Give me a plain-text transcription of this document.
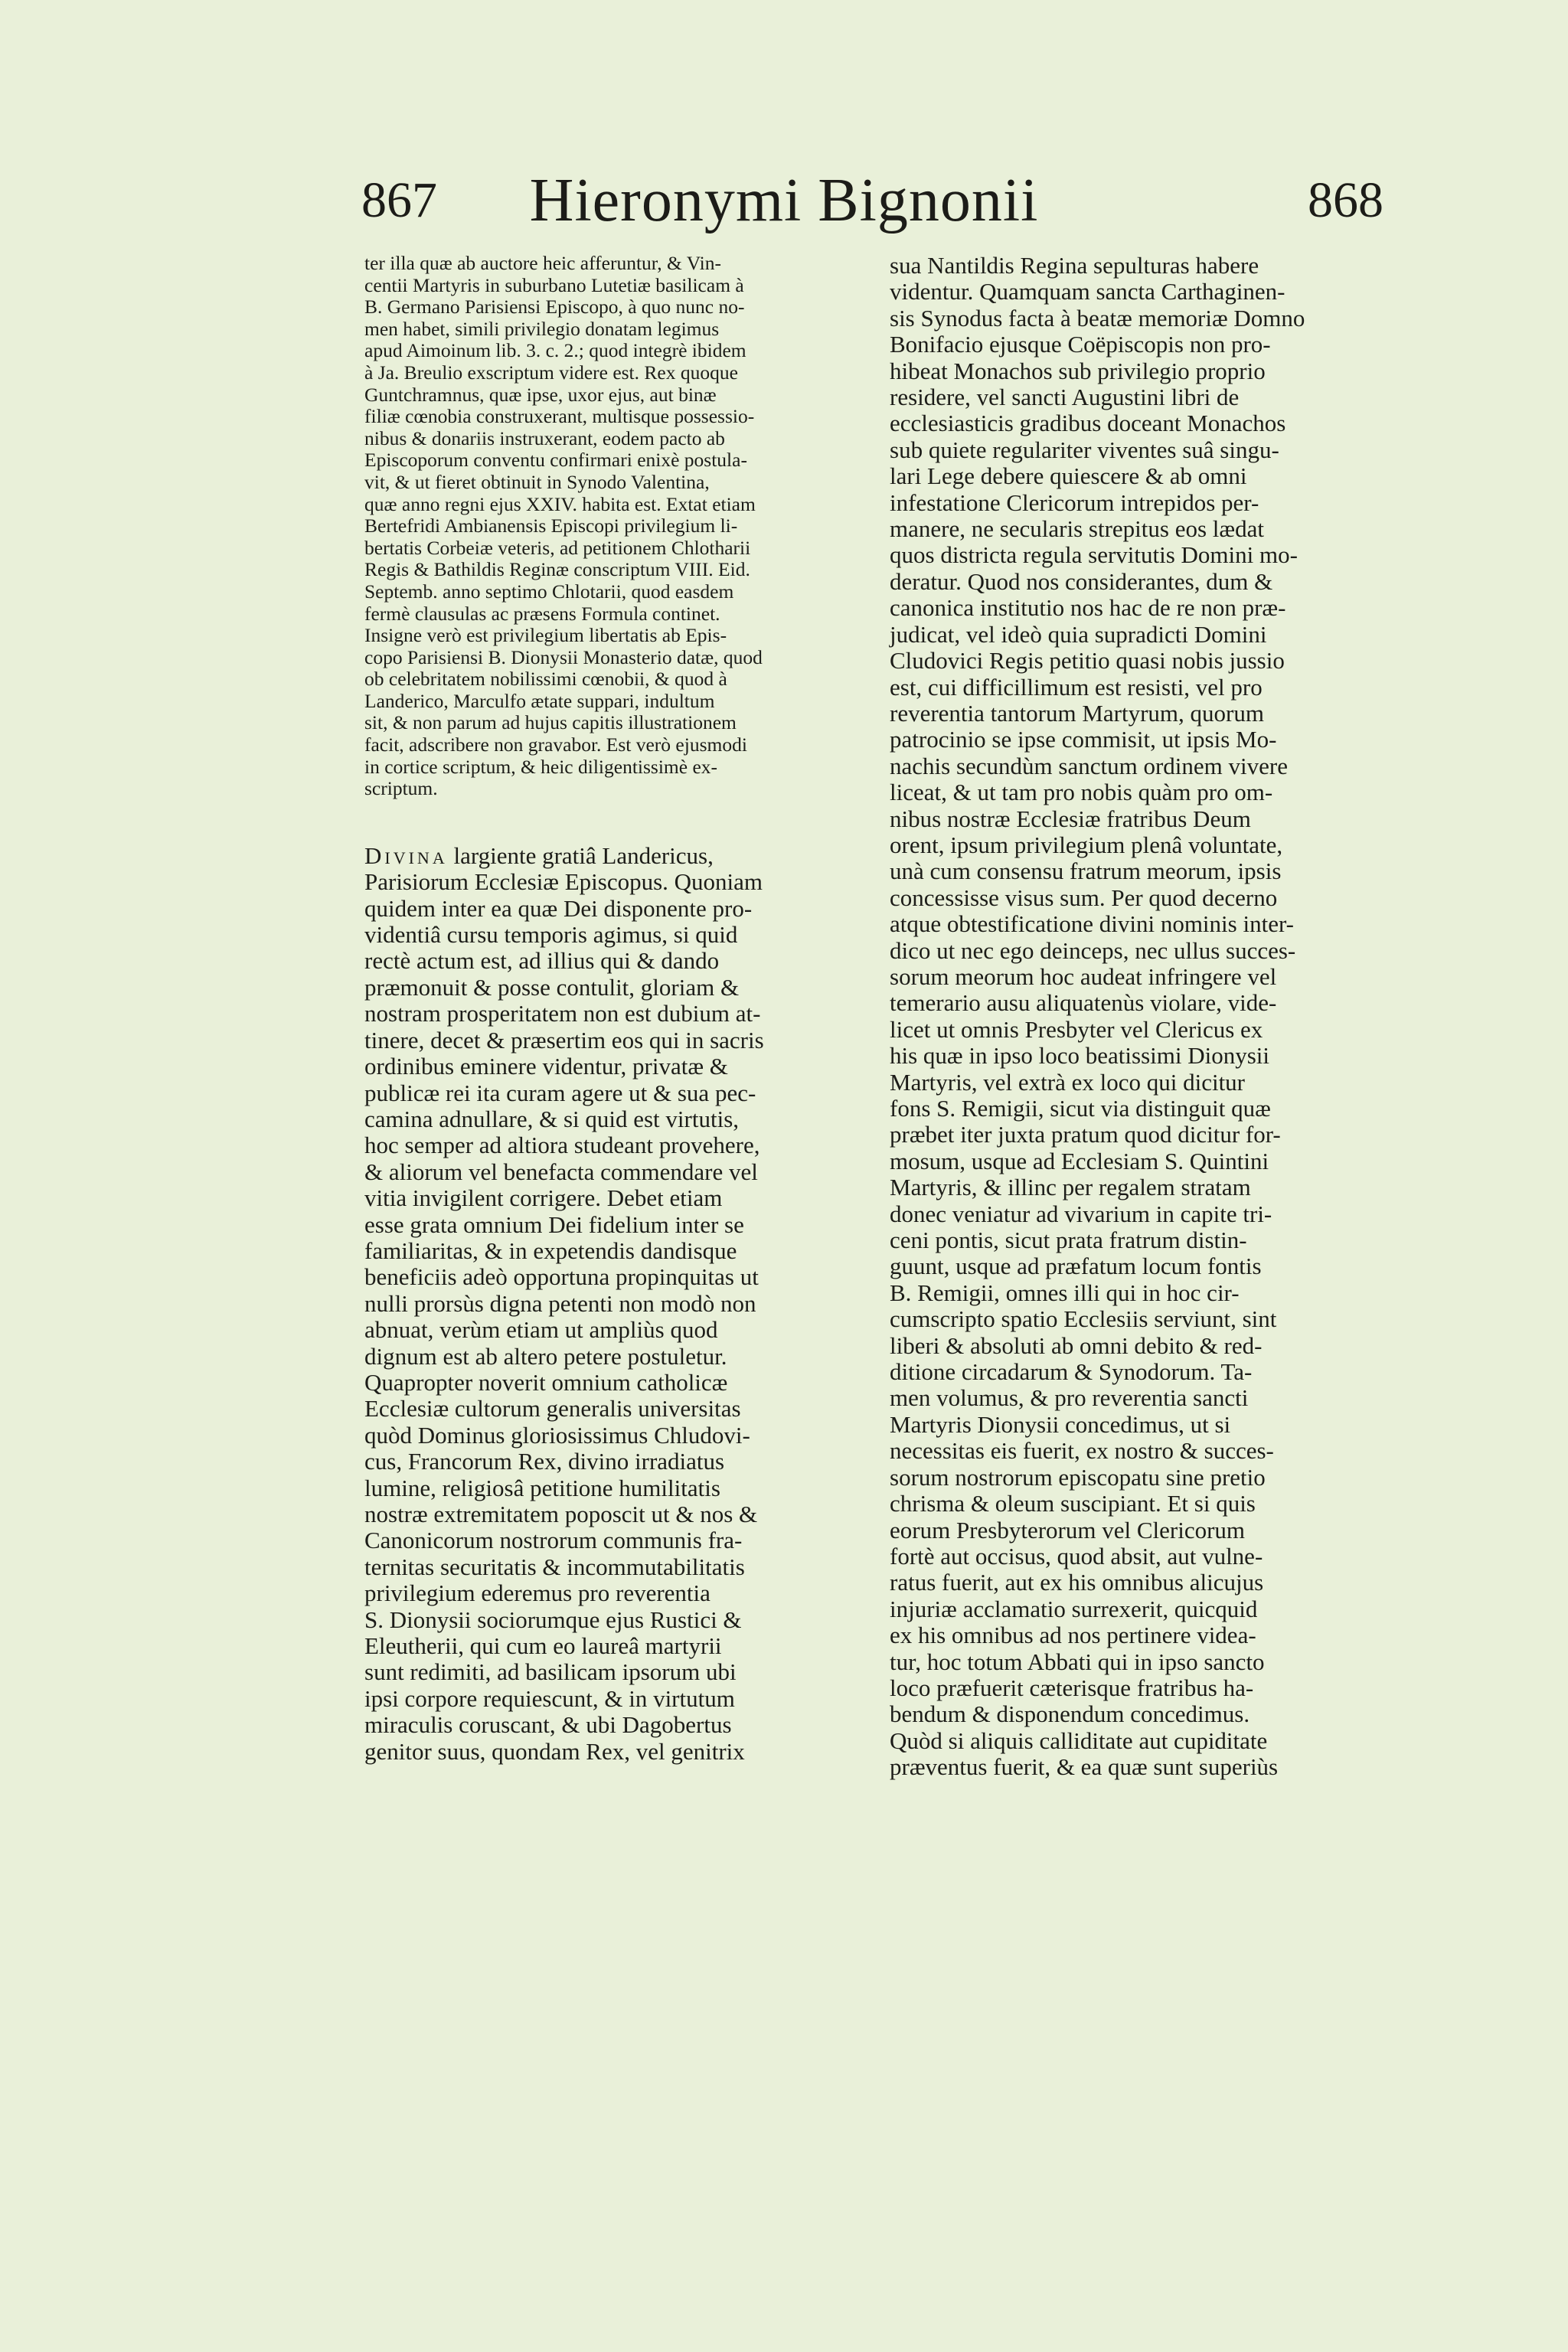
867	Hieronymi Bignonii	868
ter illa quæ ab auctore heic afferuntur, & Vin-
centii Martyris in suburbano Lutetiæ basilicam à
B. Germano Parisiensi Episcopo, à quo nunc no-
men habet, simili privilegio donatam legimus
apud Aimoinum lib. 3. c. 2.; quod integrè ibidem
à Ja. Breulio exscriptum videre est. Rex quoque
Guntchramnus, quæ ipse, uxor ejus, aut binæ
filiæ cœnobia construxerant, multisque possessio-
nibus & donariis instruxerant, eodem pacto ab
Episcoporum conventu confirmari enixè postula-
vit, & ut fieret obtinuit in Synodo Valentina,
quæ anno regni ejus XXIV. habita est. Extat etiam
Bertefridi Ambianensis Episcopi privilegium li-
bertatis Corbeiæ veteris, ad petitionem Chlotharii
Regis & Bathildis Reginæ conscriptum VIII. Eid.
Septemb. anno septimo Chlotarii, quod easdem
fermè clausulas ac præsens Formula continet.
Insigne verò est privilegium libertatis ab Epis-
copo Parisiensi B. Dionysii Monasterio datæ, quod
ob celebritatem nobilissimi cœnobii, & quod à
Landerico, Marculfo ætate suppari, indultum
sit, & non parum ad hujus capitis illustrationem
facit, adscribere non gravabor. Est verò ejusmodi
in cortice scriptum, & heic diligentissimè ex-
scriptum.
Divina largiente gratiâ Landericus,
Parisiorum Ecclesiæ Episcopus. Quoniam
quidem inter ea quæ Dei disponente pro-
videntiâ cursu temporis agimus, si quid
rectè actum est, ad illius qui & dando
præmonuit & posse contulit, gloriam &
nostram prosperitatem non est dubium at-
tinere, decet & præsertim eos qui in sacris
ordinibus eminere videntur, privatæ &
publicæ rei ita curam agere ut & sua pec-
camina adnullare, & si quid est virtutis,
hoc semper ad altiora studeant provehere,
& aliorum vel benefacta commendare vel
vitia invigilent corrigere. Debet etiam
esse grata omnium Dei fidelium inter se
familiaritas, & in expetendis dandisque
beneficiis adeò opportuna propinquitas ut
nulli prorsùs digna petenti non modò non
abnuat, verùm etiam ut ampliùs quod
dignum est ab altero petere postuletur.
Quapropter noverit omnium catholicæ
Ecclesiæ cultorum generalis universitas
quòd Dominus gloriosissimus Chludovi-
cus, Francorum Rex, divino irradiatus
lumine, religiosâ petitione humilitatis
nostræ extremitatem poposcit ut & nos &
Canonicorum nostrorum communis fra-
ternitas securitatis & incommutabilitatis
privilegium ederemus pro reverentia
S. Dionysii sociorumque ejus Rustici &
Eleutherii, qui cum eo laureâ martyrii
sunt redimiti, ad basilicam ipsorum ubi
ipsi corpore requiescunt, & in virtutum
miraculis coruscant, & ubi Dagobertus
genitor suus, quondam Rex, vel genitrix
sua Nantildis Regina sepulturas habere
videntur. Quamquam sancta Carthaginen-
sis Synodus facta à beatæ memoriæ Domno
Bonifacio ejusque Coëpiscopis non pro-
hibeat Monachos sub privilegio proprio
residere, vel sancti Augustini libri de
ecclesiasticis gradibus doceant Monachos
sub quiete regulariter viventes suâ singu-
lari Lege debere quiescere & ab omni
infestatione Clericorum intrepidos per-
manere, ne secularis strepitus eos lædat
quos districta regula servitutis Domini mo-
deratur. Quod nos considerantes, dum &
canonica institutio nos hac de re non præ-
judicat, vel ideò quia supradicti Domini
Cludovici Regis petitio quasi nobis jussio
est, cui difficillimum est resisti, vel pro
reverentia tantorum Martyrum, quorum
patrocinio se ipse commisit, ut ipsis Mo-
nachis secundùm sanctum ordinem vivere
liceat, & ut tam pro nobis quàm pro om-
nibus nostræ Ecclesiæ fratribus Deum
orent, ipsum privilegium plenâ voluntate,
unà cum consensu fratrum meorum, ipsis
concessisse visus sum. Per quod decerno
atque obtestificatione divini nominis inter-
dico ut nec ego deinceps, nec ullus succes-
sorum meorum hoc audeat infringere vel
temerario ausu aliquatenùs violare, vide-
licet ut omnis Presbyter vel Clericus ex
his quæ in ipso loco beatissimi Dionysii
Martyris, vel extrà ex loco qui dicitur
fons S. Remigii, sicut via distinguit quæ
præbet iter juxta pratum quod dicitur for-
mosum, usque ad Ecclesiam S. Quintini
Martyris, & illinc per regalem stratam
donec veniatur ad vivarium in capite tri-
ceni pontis, sicut prata fratrum distin-
guunt, usque ad præfatum locum fontis
B. Remigii, omnes illi qui in hoc cir-
cumscripto spatio Ecclesiis serviunt, sint
liberi & absoluti ab omni debito & red-
ditione circadarum & Synodorum. Ta-
men volumus, & pro reverentia sancti
Martyris Dionysii concedimus, ut si
necessitas eis fuerit, ex nostro & succes-
sorum nostrorum episcopatu sine pretio
chrisma & oleum suscipiant. Et si quis
eorum Presbyterorum vel Clericorum
fortè aut occisus, quod absit, aut vulne-
ratus fuerit, aut ex his omnibus alicujus
injuriæ acclamatio surrexerit, quicquid
ex his omnibus ad nos pertinere videa-
tur, hoc totum Abbati qui in ipso sancto
loco præfuerit cæterisque fratribus ha-
bendum & disponendum concedimus.
Quòd si aliquis calliditate aut cupiditate
præventus fuerit, & ea quæ sunt superiùs
